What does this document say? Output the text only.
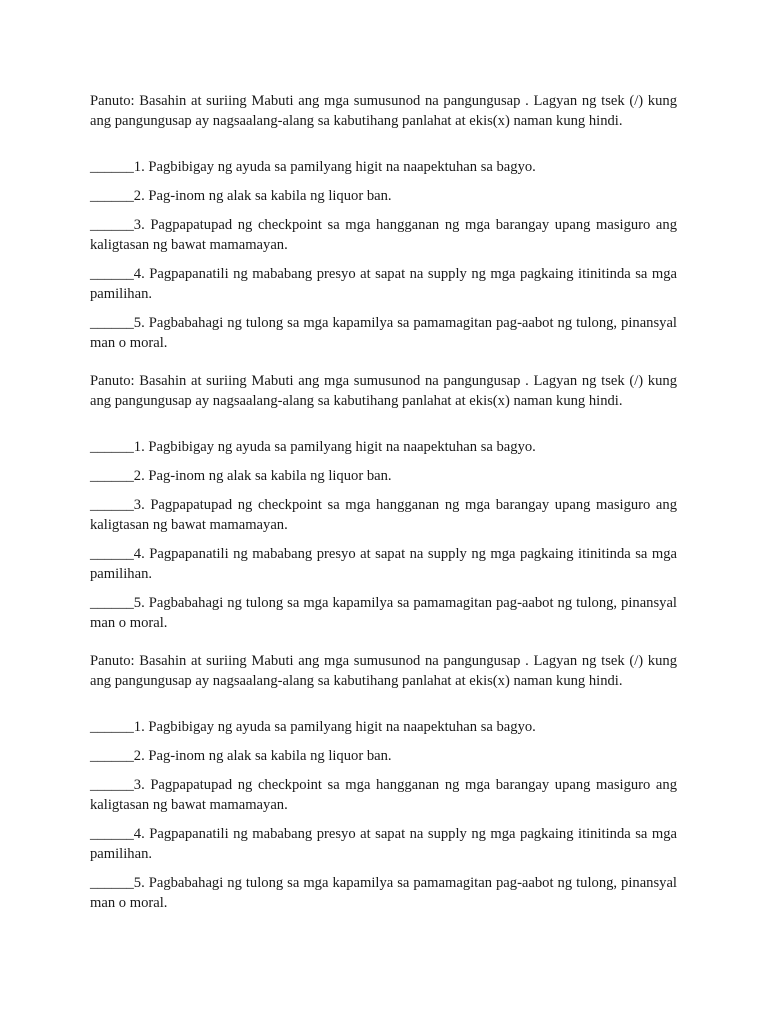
Panuto: Basahin at suriing Mabuti ang mga sumusunod na pangungusap . Lagyan ng tsek (/) kung ang pangungusap ay nagsaalang-alang sa kabutihang panlahat at ekis(x) naman kung hindi.

______1. Pagbibigay ng ayuda sa pamilyang higit na naapektuhan sa bagyo.

______2. Pag-inom ng alak sa kabila ng liquor ban.

______3. Pagpapatupad ng checkpoint sa mga hangganan ng mga barangay upang masiguro ang kaligtasan ng bawat mamamayan.

______4. Pagpapanatili ng mababang presyo at sapat na supply ng mga pagkaing itinitinda sa mga pamilihan.

______5. Pagbabahagi ng tulong sa mga kapamilya sa pamamagitan pag-aabot ng tulong, pinansyal man o moral.

Panuto: Basahin at suriing Mabuti ang mga sumusunod na pangungusap . Lagyan ng tsek (/) kung ang pangungusap ay nagsaalang-alang sa kabutihang panlahat at ekis(x) naman kung hindi.

______1. Pagbibigay ng ayuda sa pamilyang higit na naapektuhan sa bagyo.

______2. Pag-inom ng alak sa kabila ng liquor ban.

______3. Pagpapatupad ng checkpoint sa mga hangganan ng mga barangay upang masiguro ang kaligtasan ng bawat mamamayan.

______4. Pagpapanatili ng mababang presyo at sapat na supply ng mga pagkaing itinitinda sa mga pamilihan.

______5. Pagbabahagi ng tulong sa mga kapamilya sa pamamagitan pag-aabot ng tulong, pinansyal man o moral.

Panuto: Basahin at suriing Mabuti ang mga sumusunod na pangungusap . Lagyan ng tsek (/) kung ang pangungusap ay nagsaalang-alang sa kabutihang panlahat at ekis(x) naman kung hindi.

______1. Pagbibigay ng ayuda sa pamilyang higit na naapektuhan sa bagyo.

______2. Pag-inom ng alak sa kabila ng liquor ban.

______3. Pagpapatupad ng checkpoint sa mga hangganan ng mga barangay upang masiguro ang kaligtasan ng bawat mamamayan.

______4. Pagpapanatili ng mababang presyo at sapat na supply ng mga pagkaing itinitinda sa mga pamilihan.

______5. Pagbabahagi ng tulong sa mga kapamilya sa pamamagitan pag-aabot ng tulong, pinansyal man o moral.
